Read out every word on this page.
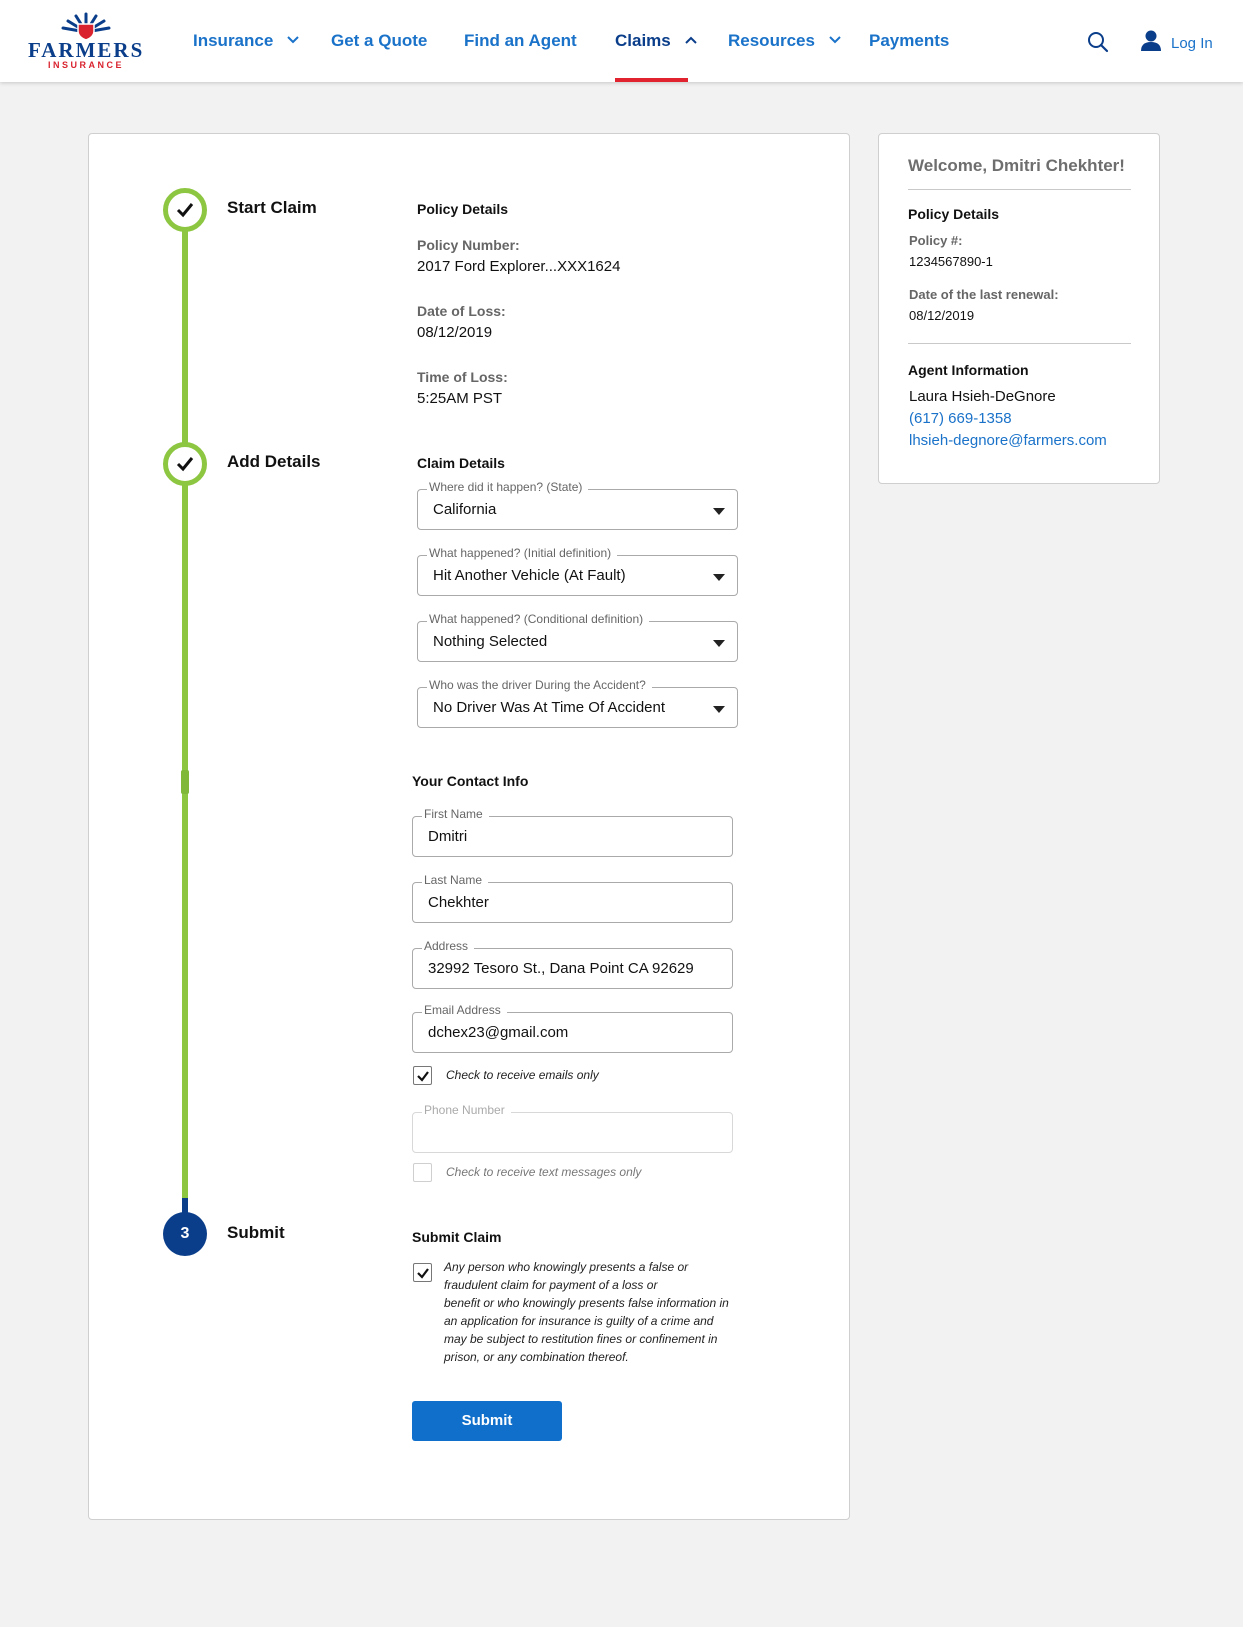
FARMERS
INSURANCE
Insurance	Get a Quote Find an Agent Claims	Resources	Payments	Log In
Start Claim
Add Details
3	Submit
Policy Details
Policy Number:
2017 Ford Explorer...XXX1624
Date of Loss:
08/12/2019
Time of Loss:
5:25AM PST
Claim Details
Where did it happen? (State)
California
What happened? (Initial definition)
Hit Another Vehicle (At Fault)
What happened? (Conditional definition)
Nothing Selected
Who was the driver During the Accident?
No Driver Was At Time Of Accident
Your Contact Info
First Name
Dmitri
Last Name
Chekhter
Address
32992 Tesoro St., Dana Point CA 92629
Email Address
dchex23@gmail.com
Check to receive emails only
Phone Number
Check to receive text messages only
Submit Claim
Any person who knowingly presents a false or
fraudulent claim for payment of a loss or
benefit or who knowingly presents false information in
an application for insurance is guilty of a crime and
may be subject to restitution fines or confinement in
prison, or any combination thereof.
Submit
Welcome, Dmitri Chekhter!
Policy Details
Policy #:
1234567890-1
Date of the last renewal:
08/12/2019
Agent Information
Laura Hsieh-DeGnore
(617) 669-1358
lhsieh-degnore@farmers.com
